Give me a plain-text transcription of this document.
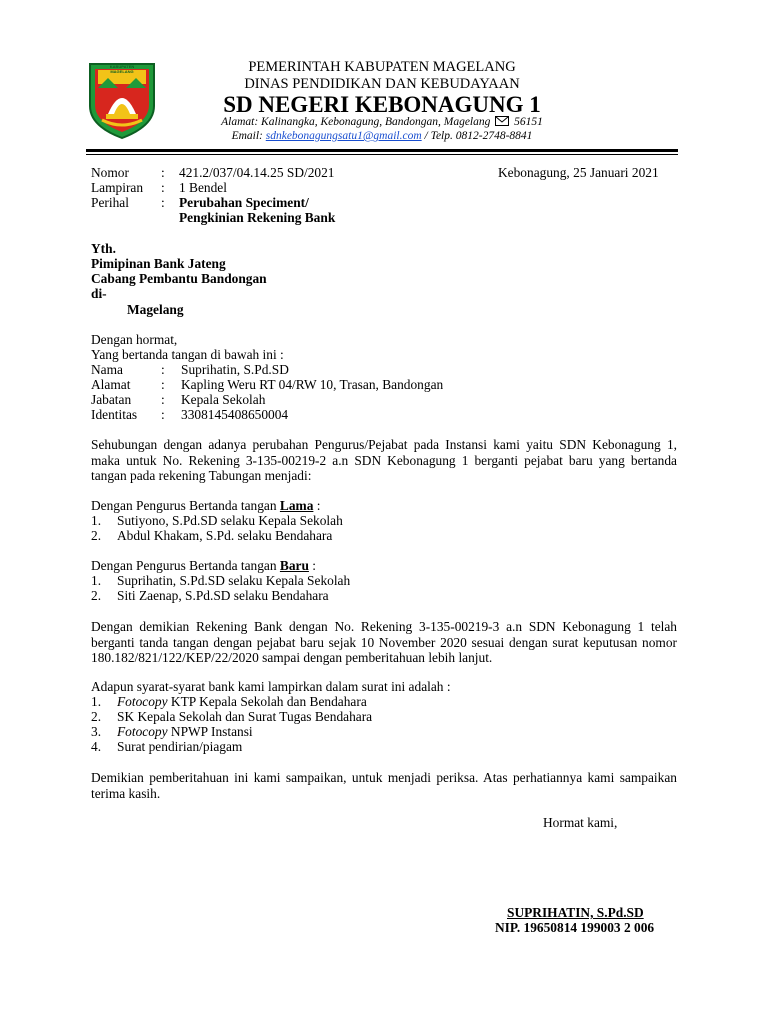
KABUPATEN
MAGELANG	PEMERINTAH KABUPATEN MAGELANG
DINAS PENDIDIKAN DAN KEBUDAYAAN
SD NEGERI KEBONAGUNG 1
Alamat: Kalinangka, Kebonagung, Bandongan, Magelang 56151
Email: sdnkebonagungsatu1@gmail.com / Telp. 0812-2748-8841
Nomor : 421.2/037/04.14.25 SD/2021	Kebonagung, 25 Januari 2021
Lampiran : 1 Bendel
Perihal : Perubahan Speciment/
Pengkinian Rekening Bank
Yth.
Pimipinan Bank Jateng
Cabang Pembantu Bandongan
di-
Magelang
Dengan hormat,
Yang bertanda tangan di bawah ini :
Nama	: Suprihatin, S.Pd.SD
Alamat : Kapling Weru RT 04/RW 10, Trasan, Bandongan
Jabatan : Kepala Sekolah
Identitas : 3308145408650004
Sehubungan dengan adanya perubahan Pengurus/Pejabat pada Instansi kami yaitu SDN Kebonagung 1, maka untuk No. Rekening 3-135-00219-2 a.n SDN Kebonagung 1 berganti pejabat baru yang bertanda tangan pada rekening Tabungan menjadi:
Dengan Pengurus Bertanda tangan Lama :
1. Sutiyono, S.Pd.SD selaku Kepala Sekolah
2. Abdul Khakam, S.Pd. selaku Bendahara
Dengan Pengurus Bertanda tangan Baru :
1. Suprihatin, S.Pd.SD selaku Kepala Sekolah
2. Siti Zaenap, S.Pd.SD selaku Bendahara
Dengan demikian Rekening Bank dengan No. Rekening 3-135-00219-3 a.n SDN Kebonagung 1 telah berganti tanda tangan dengan pejabat baru sejak 10 November 2020 sesuai dengan surat keputusan nomor 180.182/821/122/KEP/22/2020 sampai dengan pemberitahuan lebih lanjut.
Adapun syarat-syarat bank kami lampirkan dalam surat ini adalah :
1. Fotocopy KTP Kepala Sekolah dan Bendahara
2. SK Kepala Sekolah dan Surat Tugas Bendahara
3. Fotocopy NPWP Instansi
4. Surat pendirian/piagam
Demikian pemberitahuan ini kami sampaikan, untuk menjadi periksa. Atas perhatiannya kami sampaikan terima kasih.
Hormat kami,
SUPRIHATIN, S.Pd.SD
NIP. 19650814 199003 2 006
